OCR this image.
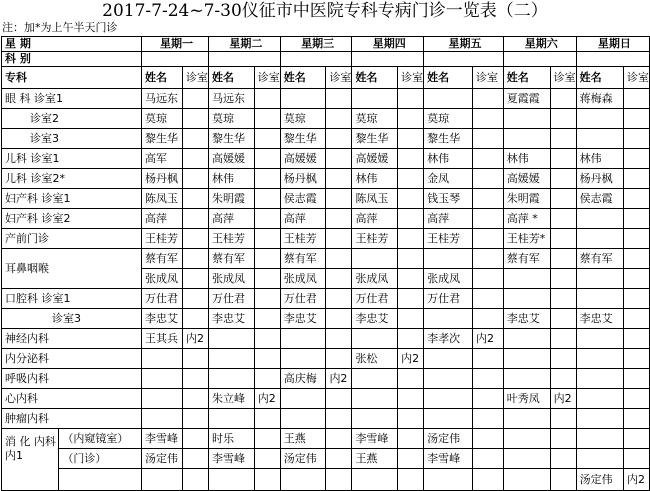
2017-7-24~7-30仪征市中医院专科专病门诊一览表（二）
注：加*为上午半天门诊
星 期		星期一		星期二		星期三		星期四		星期五		星期六		星期日	
科 别															
专科		姓名	诊室	姓名	诊室	姓名	诊室	姓名	诊室	姓名	诊室	姓名	诊室	姓名	诊室
眼 科 诊室1		马远东		马远东								夏霞霞		蒋梅森	
诊室2		莫琼		莫琼		莫琼		莫琼		莫琼					
诊室3		黎生华		黎生华		黎生华		黎生华		黎生华					
儿科 诊室1		高军		高媛媛		高媛媛		高媛媛		林伟		林伟		林伟	
儿科 诊室2*		杨丹枫		林伟		杨丹枫		林伟		金凤		高媛媛		杨丹枫	
妇产科 诊室1		陈凤玉		朱明霞		侯志霞		陈凤玉		钱玉琴		朱明霞		侯志霞	
妇产科 诊室2		高萍		高萍		高萍		高萍		高萍		高萍 *			
产前门诊		王桂芳		王桂芳		王桂芳		王桂芳		王桂芳		王桂芳*			
耳鼻咽喉		蔡有军		蔡有军		蔡有军						蔡有军		蔡有军	
		张成凤		张成凤		张成凤		张成凤		张成凤					
口腔科 诊室1		万仕君		万仕君		万仕君		万仕君		万仕君					
诊室3		李忠艾		李忠艾		李忠艾		李忠艾				李忠艾		李忠艾	
神经内科		王其兵	内2							李孝次	内2				
内分泌科								张松	内2						
呼吸内科						高庆梅	内2								
心内科				朱立峰	内2							叶秀凤	内2		
肿瘤内科															

消 化 内科
内1	（内窥镜室）	李雪峰		时乐		王燕		李雪峰		汤定伟					
	（门诊）	汤定伟		李雪峰		汤定伟		王燕		李雪峰					
														汤定伟	内2
